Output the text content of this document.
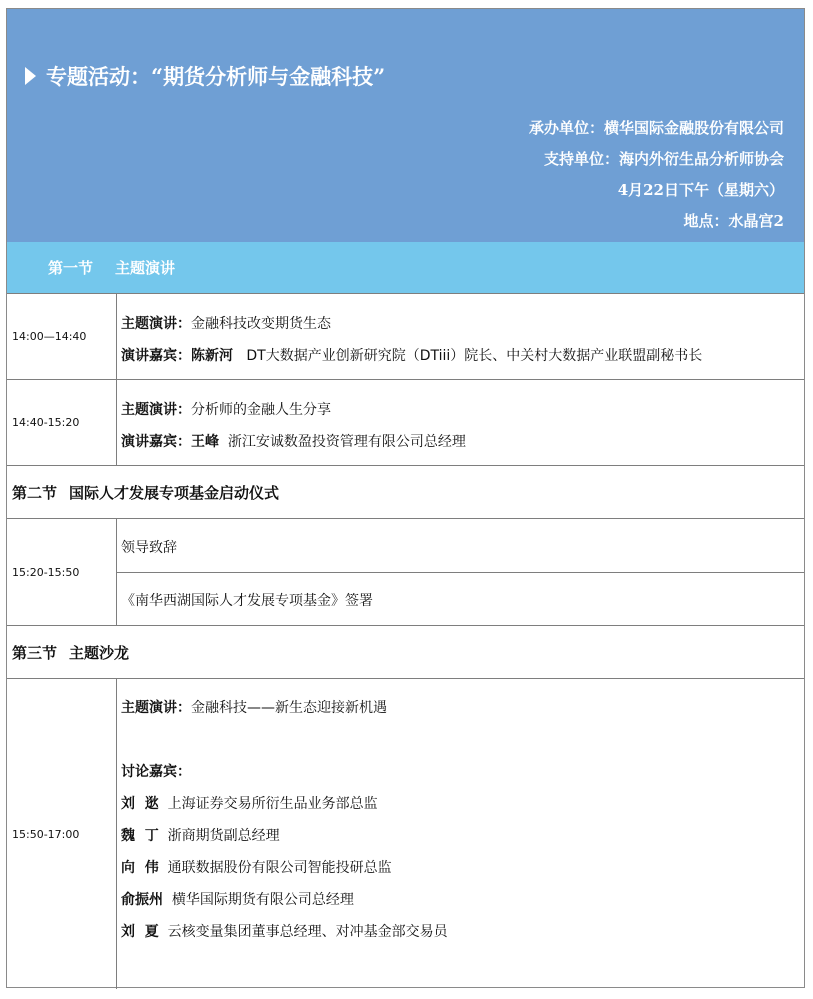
专题活动：“期货分析师与金融科技”
承办单位：横华国际金融股份有限公司
支持单位：海内外衍生品分析师协会
4月22日下午（星期六）
地点：水晶宫2
第一节 主题演讲
14:00—14:40
主题演讲：金融科技改变期货生态
演讲嘉宾：陈新河 DT大数据产业创新研究院（DTiii）院长、中关村大数据产业联盟副秘书长
14:40-15:20
主题演讲：分析师的金融人生分享
演讲嘉宾：王峰 浙江安诚数盈投资管理有限公司总经理
第二节 国际人才发展专项基金启动仪式
15:20-15:50
领导致辞
《南华西湖国际人才发展专项基金》签署
第三节 主题沙龙
15:50-17:00
主题演讲：金融科技——新生态迎接新机遇
讨论嘉宾：
刘  逖 上海证券交易所衍生品业务部总监
魏  丁 浙商期货副总经理
向  伟 通联数据股份有限公司智能投研总监
俞振州 横华国际期货有限公司总经理
刘  夏 云核变量集团董事总经理、对冲基金部交易员
